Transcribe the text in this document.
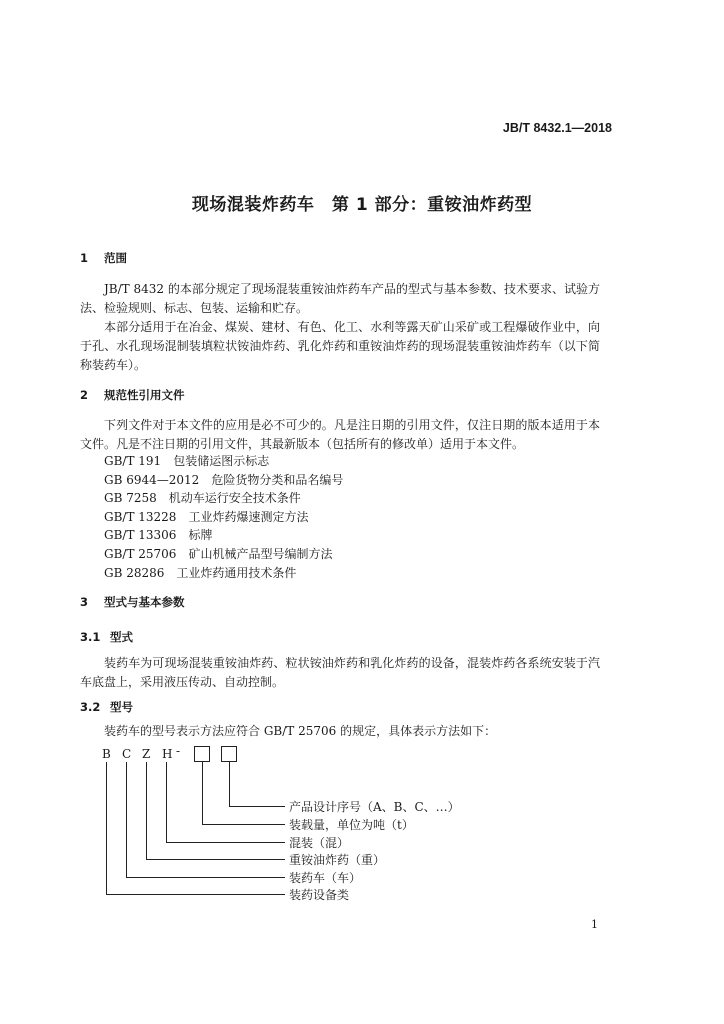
JB/T 8432.1—2018
现场混装炸药车　第 1 部分：重铵油炸药型
1 范围

JB/T 8432 的本部分规定了现场混装重铵油炸药车产品的型式与基本参数、技术要求、试验方法、检验规则、标志、包装、运输和贮存。

本部分适用于在冶金、煤炭、建材、有色、化工、水利等露天矿山采矿或工程爆破作业中，向于孔、水孔现场混制装填粒状铵油炸药、乳化炸药和重铵油炸药的现场混装重铵油炸药车（以下简称装药车）。

2 规范性引用文件

下列文件对于本文件的应用是必不可少的。凡是注日期的引用文件，仅注日期的版本适用于本文件。凡是不注日期的引用文件，其最新版本（包括所有的修改单）适用于本文件。

GB/T 191　 包装储运图示标志
GB 6944—2012　 危险货物分类和品名编号
GB 7258　 机动车运行安全技术条件
GB/T 13228　 工业炸药爆速测定方法
GB/T 13306　 标牌
GB/T 25706　 矿山机械产品型号编制方法
GB 28286　 工业炸药通用技术条件
3 型式与基本参数
3.1 型式

装药车为可现场混装重铵油炸药、粒状铵油炸药和乳化炸药的设备，混装炸药各系统安装于汽车底盘上，采用液压传动、自动控制。

3.2 型号

装药车的型号表示方法应符合 GB/T 25706 的规定，具体表示方法如下：

B C Z H -
产品设计序号（A、B、C、…）
装载量，单位为吨（t）
混装（混）
重铵油炸药（重）
装药车（车）
装药设备类
1
